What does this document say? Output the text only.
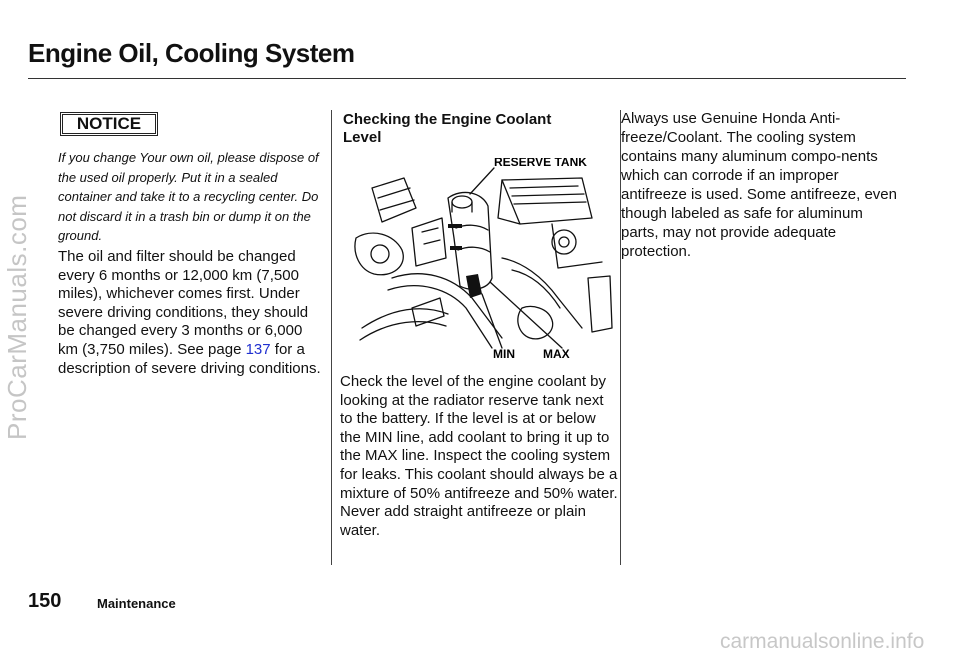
Engine Oil, Cooling System
NOTICE

If you change Your own oil, please dispose of the used oil properly. Put it in a sealed container and take it to a recycling center. Do not discard it in a trash bin or dump it on the ground.

The oil and filter should be changed every 6 months or 12,000 km (7,500 miles), whichever comes first. Under severe driving conditions, they should be changed every 3 months or 6,000 km (3,750 miles). See page 137 for a description of severe driving conditions.

Checking the Engine Coolant Level
RESERVE TANK
MIN MAX

Check the level of the engine coolant by looking at the radiator reserve tank next to the battery. If the level is at or below the MIN line, add coolant to bring it up to the MAX line. Inspect the cooling system for leaks. This coolant should always be a mixture of 50% antifreeze and 50% water. Never add straight antifreeze or plain water.

Always use Genuine Honda Anti-freeze/Coolant. The cooling system contains many aluminum compo-nents which can corrode if an improper antifreeze is used. Some antifreeze, even though labeled as safe for aluminum parts, may not provide adequate protection.

150	Maintenance
ProCarManuals.com
carmanualsonline.info
